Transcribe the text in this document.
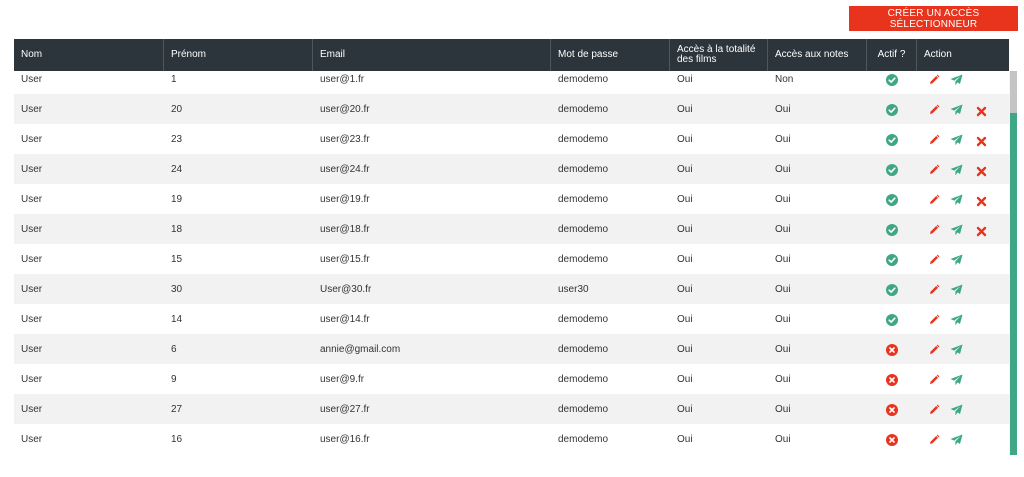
CRÉER UN ACCÈS SÉLECTIONNEUR
Nom	Prénom	Email	Mot de passe	Accès à la totalité
des films	Accès aux notes	Actif ?	Action
User	1	user@1.fr	demodemo	Oui	Non
User	20	user@20.fr	demodemo	Oui	Oui
User	23	user@23.fr	demodemo	Oui	Oui
User	24	user@24.fr	demodemo	Oui	Oui
User	19	user@19.fr	demodemo	Oui	Oui
User	18	user@18.fr	demodemo	Oui	Oui
User	15	user@15.fr	demodemo	Oui	Oui
User	30	User@30.fr	user30	Oui	Oui
User	14	user@14.fr	demodemo	Oui	Oui
User	6	annie@gmail.com	demodemo	Oui	Oui
User	9	user@9.fr	demodemo	Oui	Oui
User	27	user@27.fr	demodemo	Oui	Oui
User	16	user@16.fr	demodemo	Oui	Oui
